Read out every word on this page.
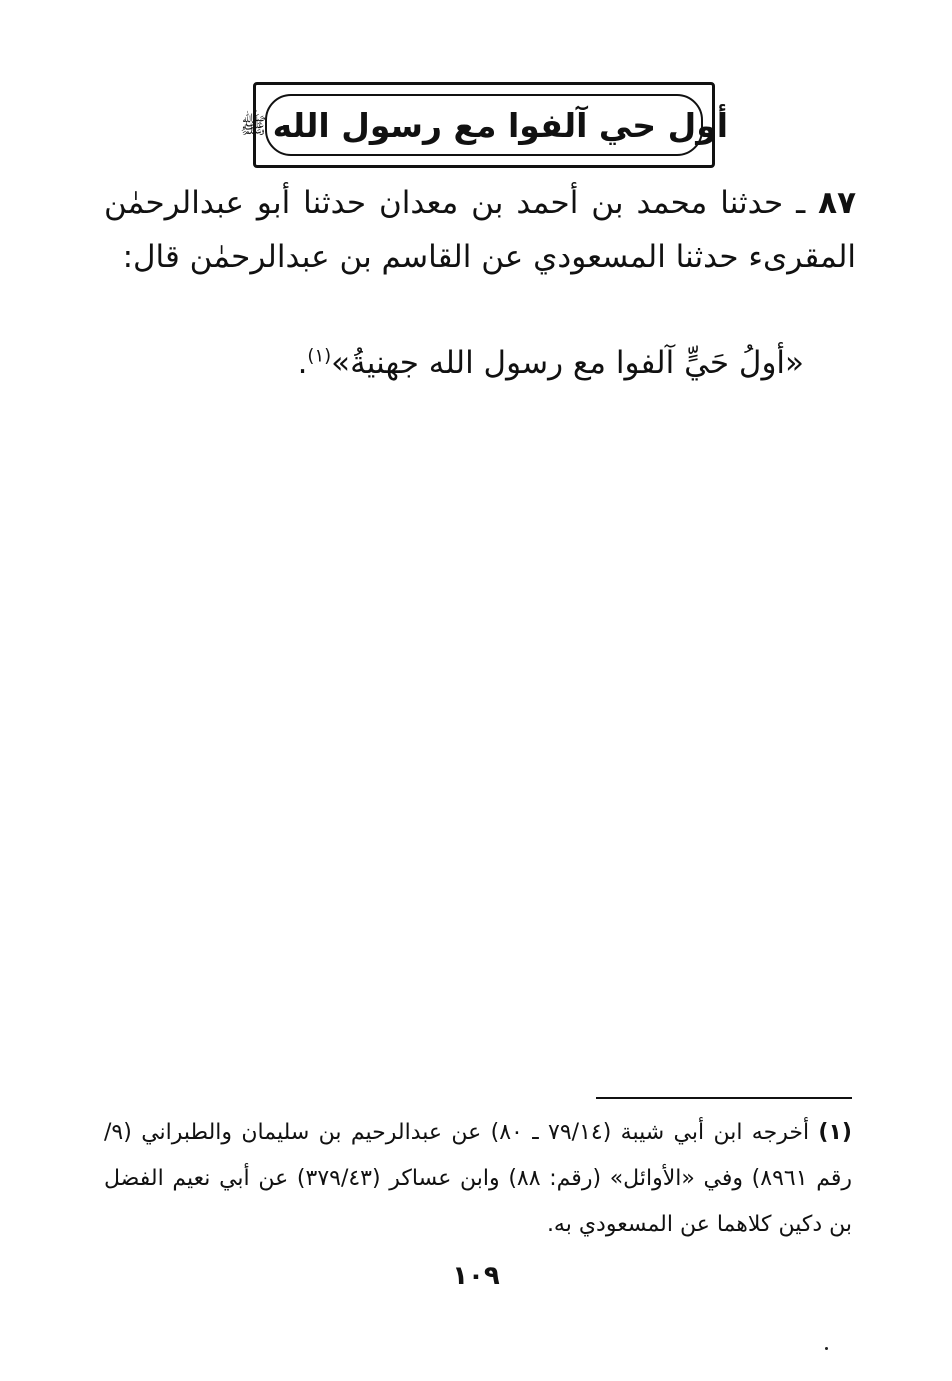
أول حي آلفوا مع رسول اللهﷺ

٨٧ ـ حدثنا محمد بن أحمد بن معدان حدثنا أبو عبدالرحمٰن المقرىء حدثنا المسعودي عن القاسم بن عبدالرحمٰن قال:

«أولُ حَيٍّ آلفوا مع رسول الله جهنيةُ»$^{(١)}$.

(١) أخرجه ابن أبي شيبة (٧٩/١٤ ـ ٨٠) عن عبدالرحيم بن سليمان والطبراني (٩/ رقم ٨٩٦١) وفي «الأوائل» (رقم: ٨٨) وابن عساكر (٣٧٩/٤٣) عن أبي نعيم الفضل بن دكين كلاهما عن المسعودي به.

١٠٩
